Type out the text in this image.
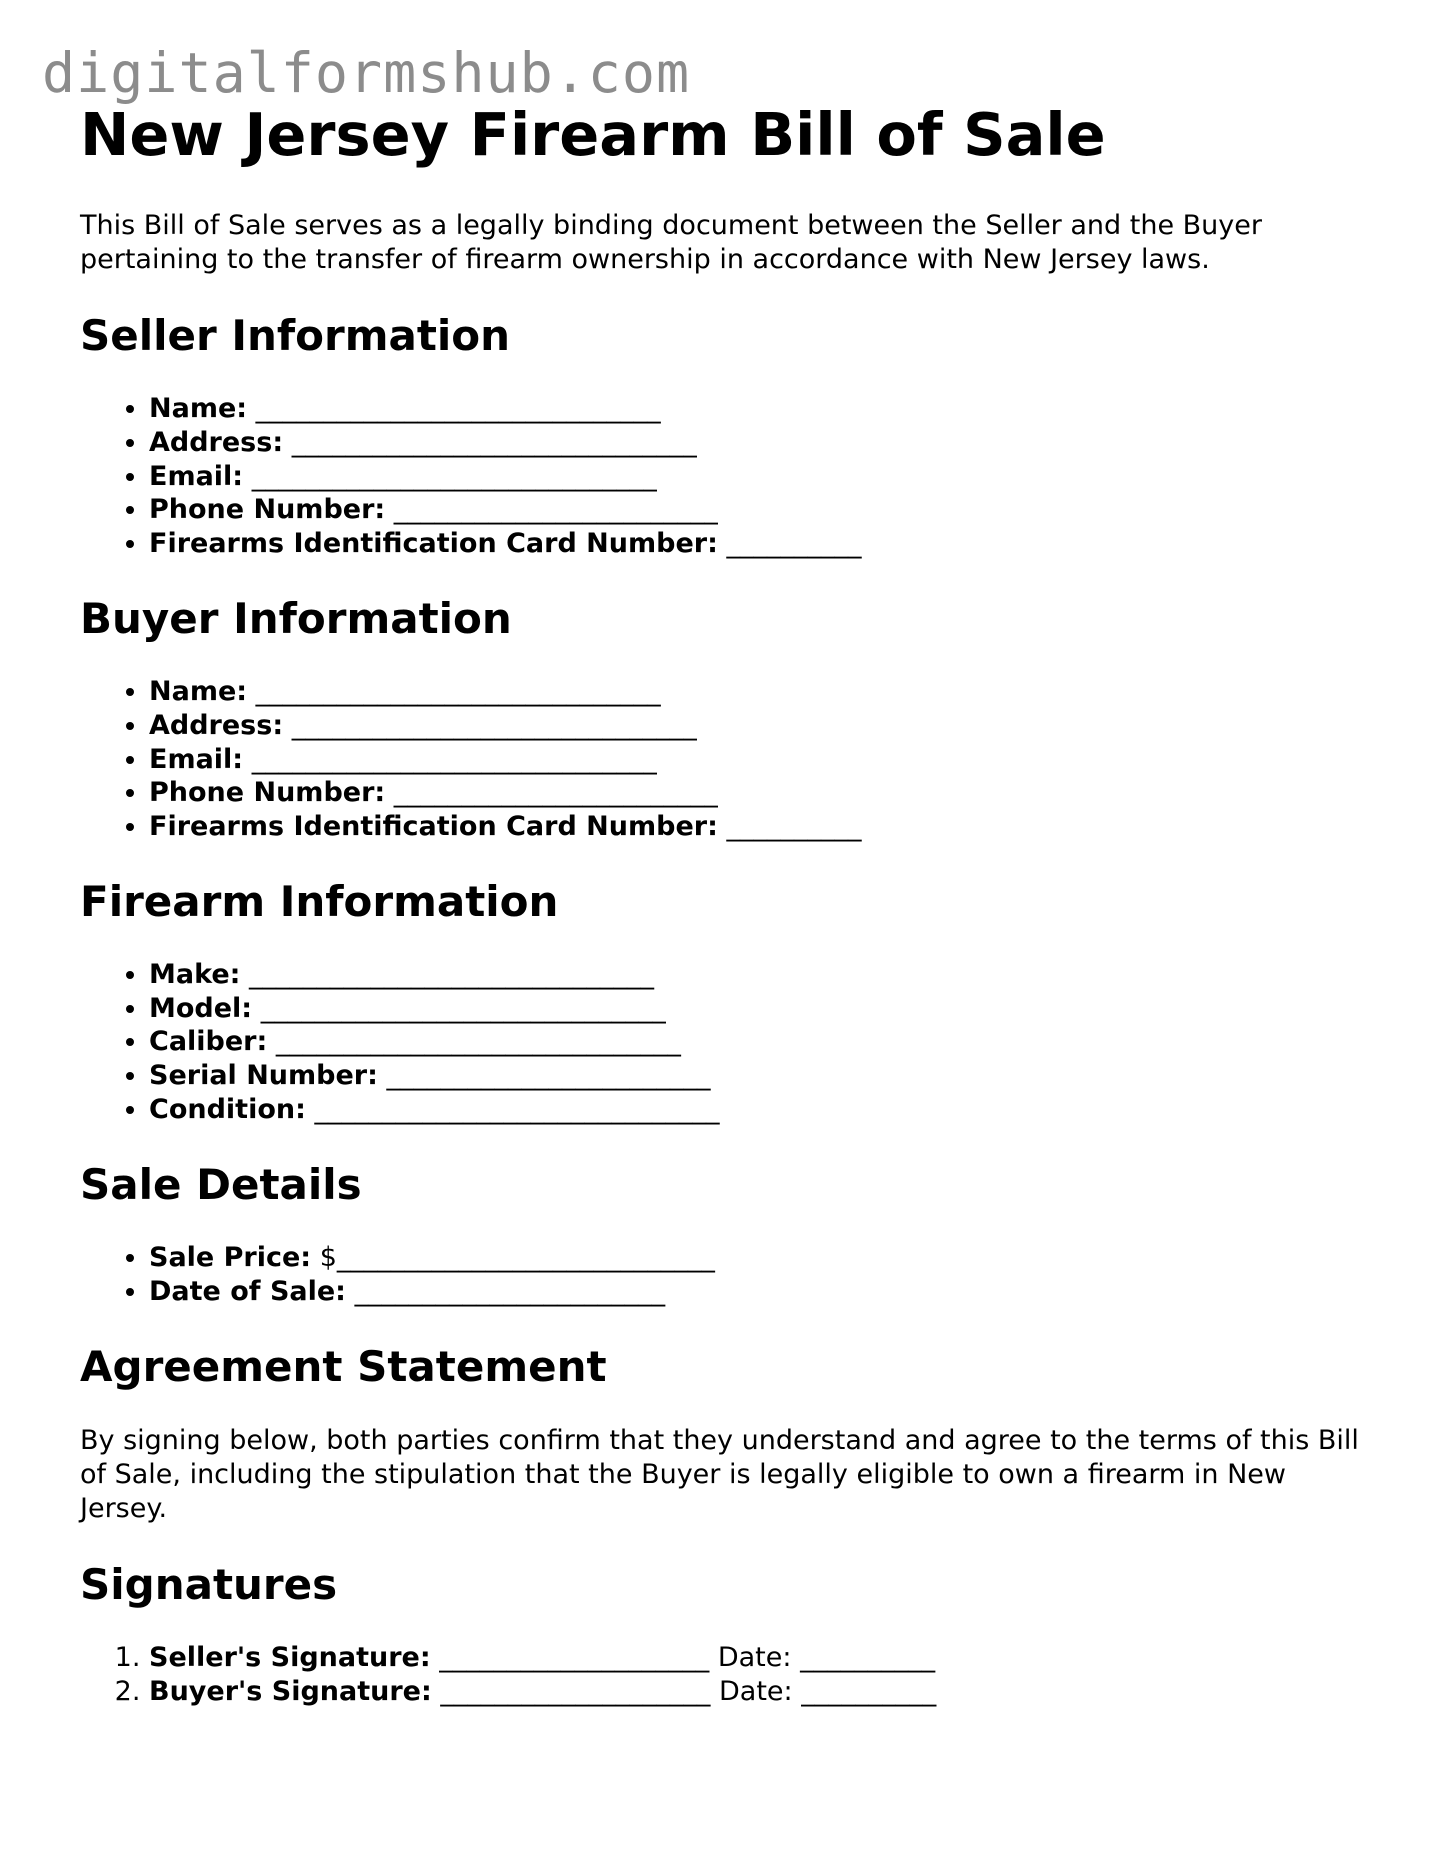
digitalformshub.com
New Jersey Firearm Bill of Sale

This Bill of Sale serves as a legally binding document between the Seller and the Buyer pertaining to the transfer of firearm ownership in accordance with New Jersey laws.

Seller Information
• Name: ______________________________
• Address: ______________________________
• Email: ______________________________
• Phone Number: ________________________
• Firearms Identification Card Number: __________
Buyer Information
• Name: ______________________________
• Address: ______________________________
• Email: ______________________________
• Phone Number: ________________________
• Firearms Identification Card Number: __________
Firearm Information
• Make: ______________________________
• Model: ______________________________
• Caliber: ______________________________
• Serial Number: ________________________
• Condition: ______________________________
Sale Details
• Sale Price: $____________________________
• Date of Sale: _______________________
Agreement Statement

By signing below, both parties confirm that they understand and agree to the terms of this Bill of Sale, including the stipulation that the Buyer is legally eligible to own a firearm in New Jersey.

Signatures
1. Seller's Signature: ____________________ Date: __________
2. Buyer's Signature: ____________________ Date: __________
